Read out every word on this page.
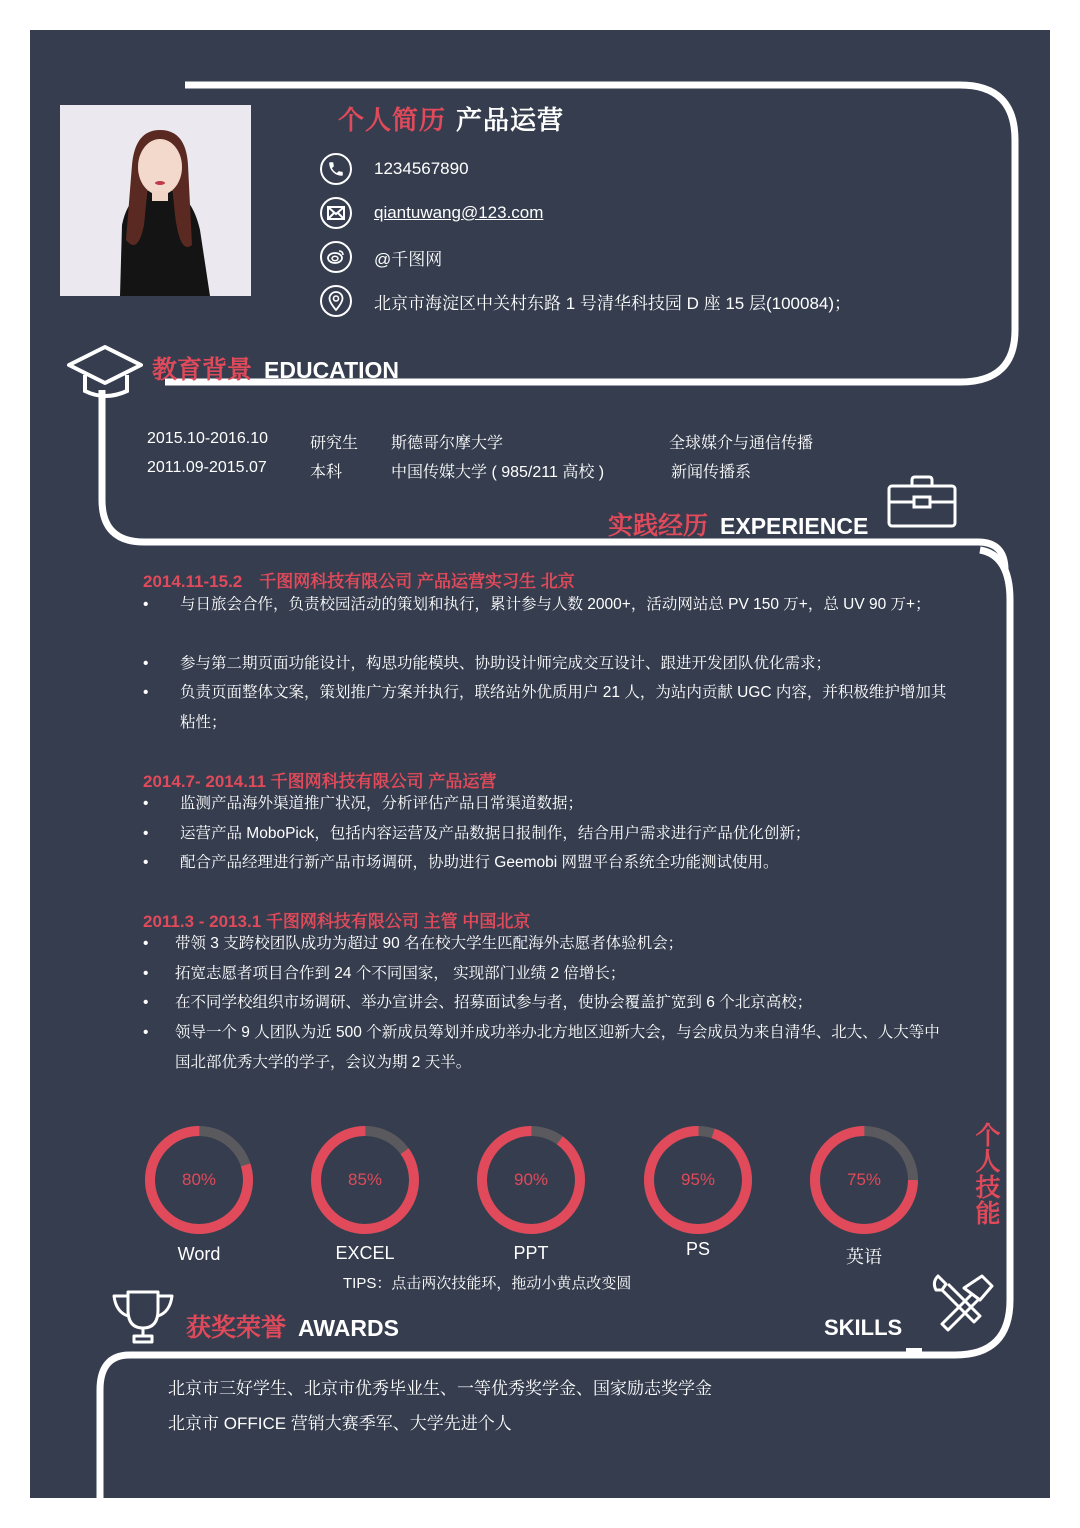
个人简历 产品运营
1234567890
qiantuwang@123.com
@千图网
北京市海淀区中关村东路 1 号清华科技园 D 座 15 层(100084)；
教育背景 EDUCATION
2015.10-2016.10	研究生 斯德哥尔摩大学	全球媒介与通信传播
2011.09-2015.07	本科	中国传媒大学 ( 985/211 高校 )	新闻传播系
实践经历 EXPERIENCE
2014.11-15.2　千图网科技有限公司 产品运营实习生 北京
•	与日旅会合作，负责校园活动的策划和执行，累计参与人数 2000+，活动网站总 PV 150 万+，总 UV 90 万+；
•	参与第二期页面功能设计，构思功能模块、协助设计师完成交互设计、跟进开发团队优化需求；
•	负责页面整体文案，策划推广方案并执行，联络站外优质用户 21 人，为站内贡献 UGC 内容，并积极维护增加其粘性；
2014.7- 2014.11 千图网科技有限公司 产品运营
•	监测产品海外渠道推广状况，分析评估产品日常渠道数据；
•	运营产品 MoboPick，包括内容运营及产品数据日报制作，结合用户需求进行产品优化创新；
•	配合产品经理进行新产品市场调研，协助进行 Geemobi 网盟平台系统全功能测试使用。
2011.3 - 2013.1 千图网科技有限公司 主管 中国北京
•	带领 3 支跨校团队成功为超过 90 名在校大学生匹配海外志愿者体验机会；
•	拓宽志愿者项目合作到 24 个不同国家， 实现部门业绩 2 倍增长；
•	在不同学校组织市场调研、举办宣讲会、招募面试参与者，使协会覆盖扩宽到 6 个北京高校；
•	领导一个 9 人团队为近 500 个新成员筹划并成功举办北方地区迎新大会，与会成员为来自清华、北大、人大等中国北部优秀大学的学子，会议为期 2 天半。
80%
Word
85%
EXCEL
90%
PPT
95%
PS
75%
英语
TIPS：点击两次技能环，拖动小黄点改变圆
个人技能
SKILLS
获奖荣誉 AWARDS
北京市三好学生、北京市优秀毕业生、一等优秀奖学金、国家励志奖学金
北京市 OFFICE 营销大赛季军、大学先进个人
